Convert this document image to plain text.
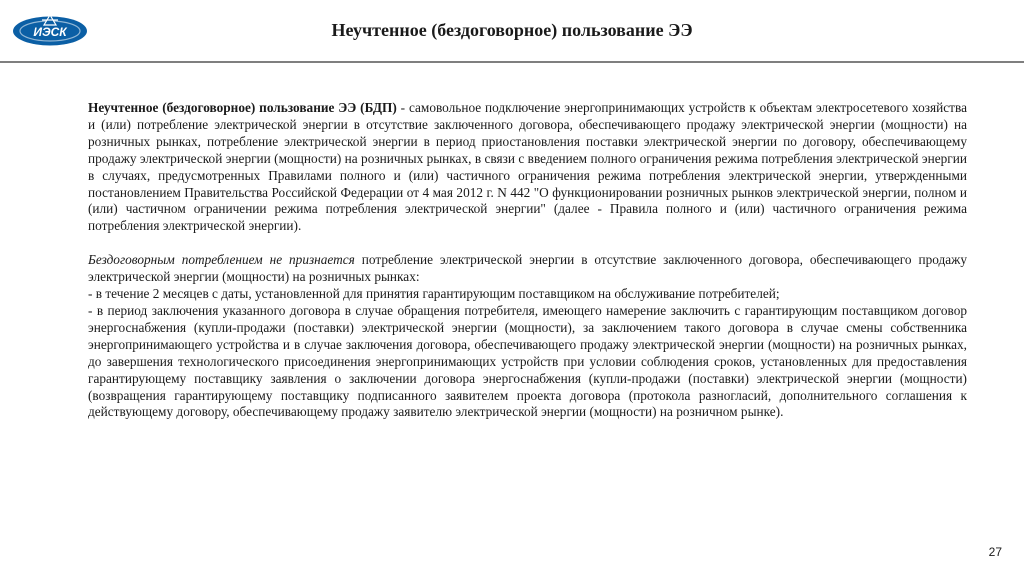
ИЭСК	Неучтенное (бездоговорное) пользование ЭЭ

Неучтенное (бездоговорное) пользование ЭЭ (БДП) - самовольное подключение энергопринимающих устройств к объектам электросетевого хозяйства и (или) потребление электрической энергии в отсутствие заключенного договора, обеспечивающего продажу электрической энергии (мощности) на розничных рынках, потребление электрической энергии в период приостановления поставки электрической энергии по договору, обеспечивающему продажу электрической энергии (мощности) на розничных рынках, в связи с введением полного ограничения режима потребления электрической энергии в случаях, предусмотренных Правилами полного и (или) частичного ограничения режима потребления электрической энергии, утвержденными постановлением Правительства Российской Федерации от 4 мая 2012 г. N 442 "О функционировании розничных рынков электрической энергии, полном и (или) частичном ограничении режима потребления электрической энергии" (далее - Правила полного и (или) частичного ограничения режима потребления электрической энергии).

Бездоговорным потреблением не признается потребление электрической энергии в отсутствие заключенного договора, обеспечивающего продажу электрической энергии (мощности) на розничных рынках:

- в течение 2 месяцев с даты, установленной для принятия гарантирующим поставщиком на обслуживание потребителей;

- в период заключения указанного договора в случае обращения потребителя, имеющего намерение заключить с гарантирующим поставщиком договор энергоснабжения (купли-продажи (поставки) электрической энергии (мощности), за заключением такого договора в случае смены собственника энергопринимающего устройства и в случае заключения договора, обеспечивающего продажу электрической энергии (мощности) на розничных рынках, до завершения технологического присоединения энергопринимающих устройств при условии соблюдения сроков, установленных для предоставления гарантирующему поставщику заявления о заключении договора энергоснабжения (купли-продажи (поставки) электрической энергии (мощности) (возвращения гарантирующему поставщику подписанного заявителем проекта договора (протокола разногласий, дополнительного соглашения к действующему договору, обеспечивающему продажу заявителю электрической энергии (мощности) на розничном рынке).

27
